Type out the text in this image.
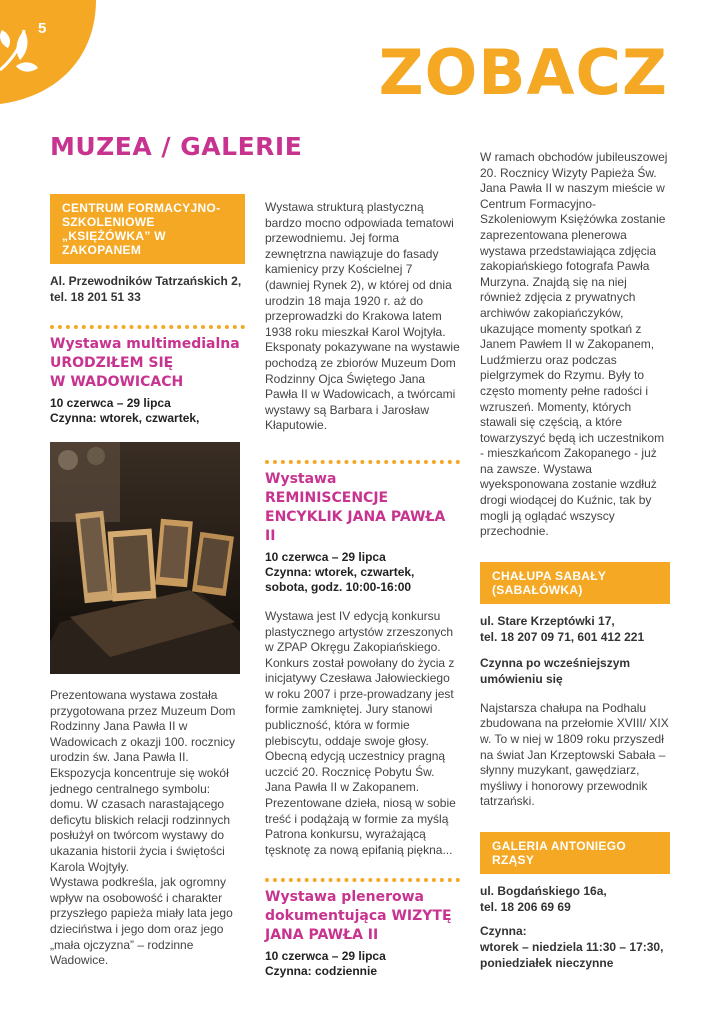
5
ZOBACZ
MUZEA / GALERIE
CENTRUM FORMACYJNO-SZKOLENIOWE „KSIĘŻÓWKA” W ZAKOPANEM
Al. Przewodników Tatrzańskich 2,
tel. 18 201 51 33
Wystawa multimedialna
URODZIŁEM SIĘ
W WADOWICACH
10 czerwca – 29 lipca
Czynna: wtorek, czwartek,
Prezentowana wystawa została przygotowana przez Muzeum Dom Rodzinny Jana Pawła II w Wadowicach z okazji 100. rocznicy urodzin św. Jana Pawła II. Ekspozycja koncentruje się wokół jednego centralnego symbolu: domu. W czasach narastającego deficytu bliskich relacji rodzinnych posłużył on twórcom wystawy do ukazania historii życia i świętości Karola Wojtyły.
Wystawa podkreśla, jak ogromny wpływ na osobowość i charakter przyszłego papieża miały lata jego dzieciństwa i jego dom oraz jego „mała ojczyzna” – rodzinne Wadowice.
Wystawa strukturą plastyczną bardzo mocno odpowiada tematowi przewodniemu. Jej forma zewnętrzna nawiązuje do fasady kamienicy przy Kościelnej 7 (dawniej Rynek 2), w której od dnia urodzin 18 maja 1920 r. aż do przeprowadzki do Krakowa latem 1938 roku mieszkał Karol Wojtyła. Eksponaty pokazywane na wystawie pochodzą ze zbiorów Muzeum Dom Rodzinny Ojca Świętego Jana Pawła II w Wadowicach, a twórcami wystawy są Barbara i Jarosław Kłaputowie.
Wystawa REMINISCENCJE
ENCYKLIK JANA PAWŁA II
10 czerwca – 29 lipca
Czynna: wtorek, czwartek, sobota, godz. 10:00-16:00
Wystawa jest IV edycją konkursu plastycznego artystów zrzeszonych w ZPAP Okręgu Zakopiańskiego. Konkurs został powołany do życia z inicjatywy Czesława Jałowieckiego w roku 2007 i prze-prowadzany jest formie zamkniętej. Jury stanowi publiczność, która w formie plebiscytu, oddaje swoje głosy.
Obecną edycją uczestnicy pragną uczcić 20. Rocznicę Pobytu Św. Jana Pawła II w Zakopanem. Prezentowane dzieła, niosą w sobie treść i podążają w formie za myślą Patrona konkursu, wyrażającą tęsknotę za nową epifanią piękna...
Wystawa plenerowa
dokumentująca WIZYTĘ
JANA PAWŁA II
10 czerwca – 29 lipca
Czynna: codziennie
W ramach obchodów jubileuszowej 20. Rocznicy Wizyty Papieża Św. Jana Pawła II w naszym mieście w Centrum Formacyjno-Szkoleniowym Księżówka zostanie zaprezentowana plenerowa wystawa przedstawiająca zdjęcia zakopiańskiego fotografa Pawła Murzyna. Znajdą się na niej również zdjęcia z prywatnych archiwów zakopiańczyków, ukazujące momenty spotkań z Janem Pawłem II w Zakopanem, Ludźmierzu oraz podczas pielgrzymek do Rzymu. Były to często momenty pełne radości i wzruszeń. Momenty, których stawali się częścią, a które towarzyszyć będą ich uczestnikom - mieszkańcom Zakopanego - już na zawsze. Wystawa wyeksponowana zostanie wzdłuż drogi wiodącej do Kuźnic, tak by mogli ją oglądać wszyscy przechodnie.
CHAŁUPA SABAŁY (SABAŁÓWKA)
ul. Stare Krzeptówki 17,
tel. 18 207 09 71, 601 412 221
Czynna po wcześniejszym umówieniu się
Najstarsza chałupa na Podhalu zbudowana na przełomie XVIII/ XIX w. To w niej w 1809 roku przyszedł na świat Jan Krzeptowski Sabała – słynny muzykant, gawędziarz, myśliwy i honorowy przewodnik tatrzański.
GALERIA ANTONIEGO RZĄSY
ul. Bogdańskiego 16a,
tel. 18 206 69 69
Czynna:
wtorek – niedziela 11:30 – 17:30,
poniedziałek nieczynne
